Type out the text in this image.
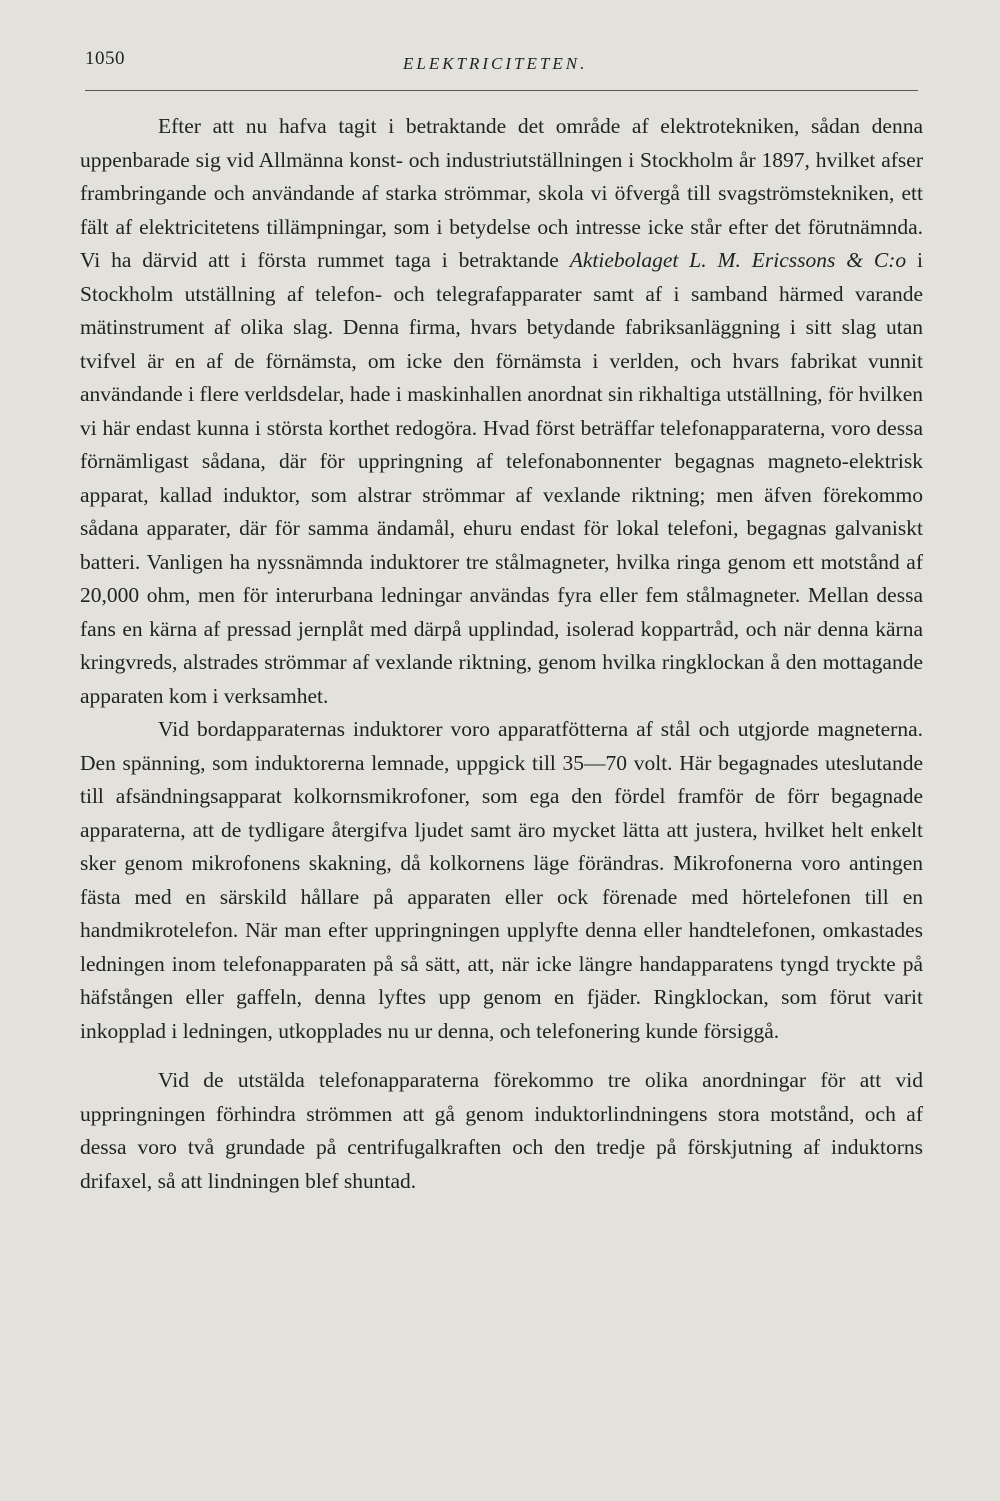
1050	ELEKTRICITETEN.

Efter att nu hafva tagit i betraktande det område af elektrotekniken, sådan denna uppenbarade sig vid Allmänna konst- och industriutställningen i Stockholm år 1897, hvilket afser frambringande och användande af starka strömmar, skola vi öfvergå till svagströmstekniken, ett fält af elektricitetens tillämpningar, som i betydelse och intresse icke står efter det förutnämnda. Vi ha därvid att i första rummet taga i betraktande Aktiebolaget L. M. Ericssons & C:o i Stockholm utställning af telefon- och telegrafapparater samt af i samband härmed varande mätinstrument af olika slag. Denna firma, hvars betydande fabriksanläggning i sitt slag utan tvifvel är en af de förnämsta, om icke den förnämsta i verlden, och hvars fabrikat vunnit användande i flere verldsdelar, hade i maskinhallen anordnat sin rikhaltiga utställning, för hvilken vi här endast kunna i största korthet redogöra. Hvad först beträffar telefonapparaterna, voro dessa förnämligast sådana, där för uppringning af telefonabonnenter begagnas magneto-elektrisk apparat, kallad induktor, som alstrar strömmar af vexlande riktning; men äfven förekommo sådana apparater, där för samma ändamål, ehuru endast för lokal telefoni, begagnas galvaniskt batteri. Vanligen ha nyssnämnda induktorer tre stålmagneter, hvilka ringa genom ett motstånd af 20,000 ohm, men för interurbana ledningar användas fyra eller fem stålmagneter. Mellan dessa fans en kärna af pressad jernplåt med därpå upplindad, isolerad koppartråd, och när denna kärna kringvreds, alstrades strömmar af vexlande riktning, genom hvilka ringklockan å den mottagande apparaten kom i verksamhet.

Vid bordapparaternas induktorer voro apparatfötterna af stål och utgjorde magneterna. Den spänning, som induktorerna lemnade, uppgick till 35—70 volt. Här begagnades uteslutande till afsändningsapparat kolkornsmikrofoner, som ega den fördel framför de förr begagnade apparaterna, att de tydligare återgifva ljudet samt äro mycket lätta att justera, hvilket helt enkelt sker genom mikrofonens skakning, då kolkornens läge förändras. Mikrofonerna voro antingen fästa med en särskild hållare på apparaten eller ock förenade med hörtelefonen till en handmikrotelefon. När man efter uppringningen upplyfte denna eller handtelefonen, omkastades ledningen inom telefonapparaten på så sätt, att, när icke längre handapparatens tyngd tryckte på häfstången eller gaffeln, denna lyftes upp genom en fjäder. Ringklockan, som förut varit inkopplad i ledningen, utkopplades nu ur denna, och telefonering kunde försiggå.

Vid de utstälda telefonapparaterna förekommo tre olika anordningar för att vid uppringningen förhindra strömmen att gå genom induktorlindningens stora motstånd, och af dessa voro två grundade på centrifugalkraften och den tredje på förskjutning af induktorns drifaxel, så att lindningen blef shuntad.
